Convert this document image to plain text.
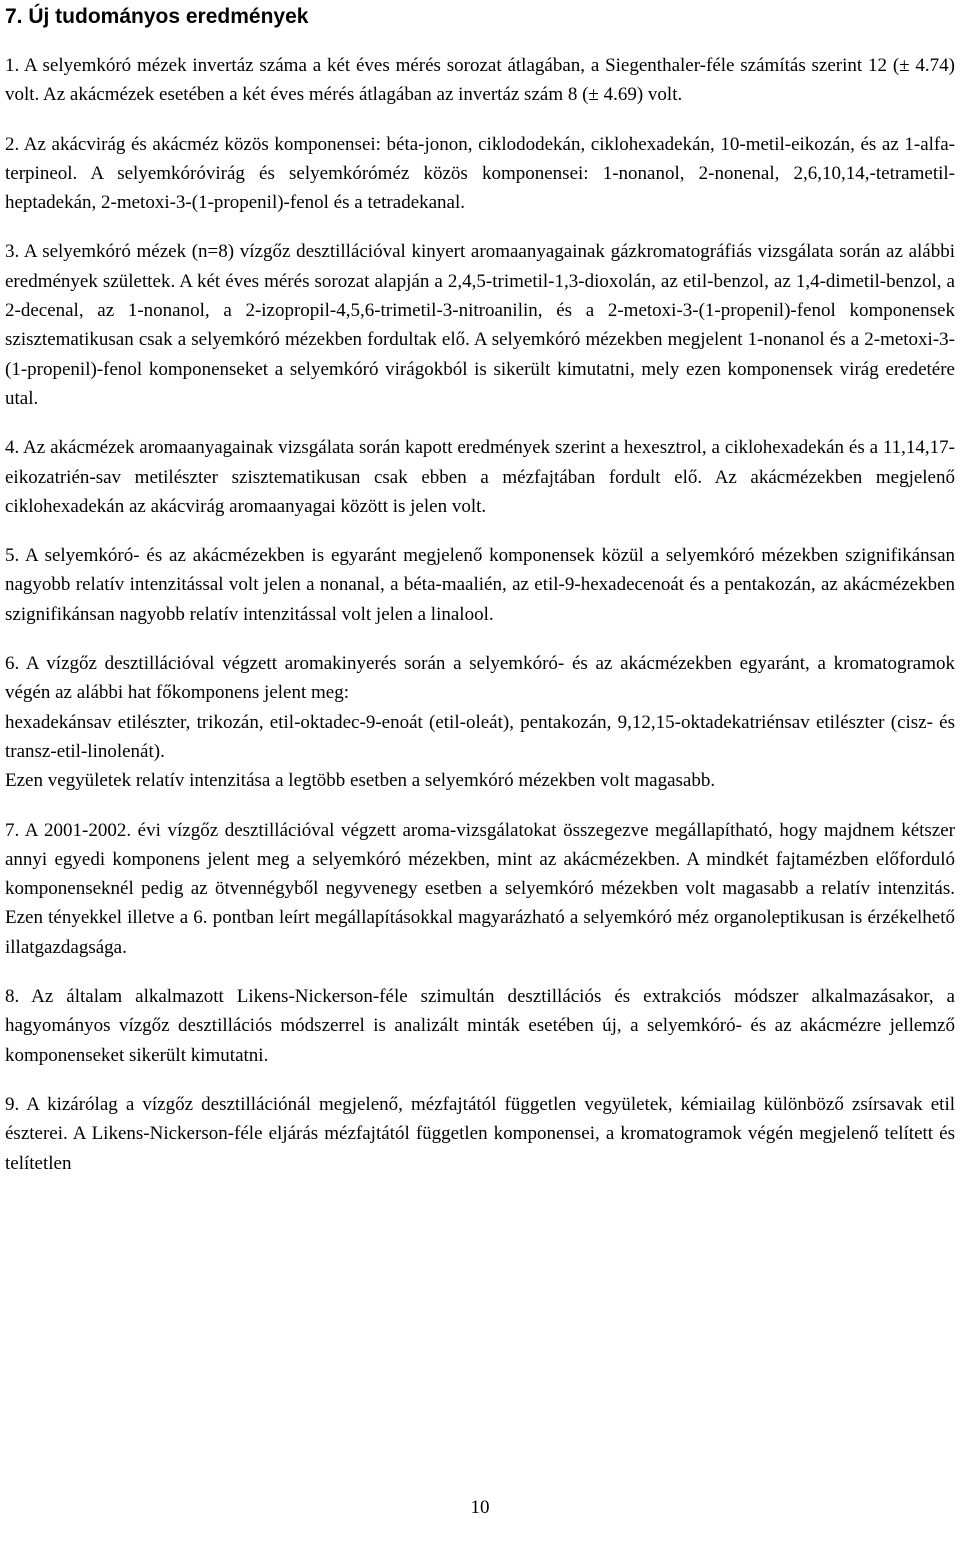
7. Új tudományos eredmények

1. A selyemkóró mézek invertáz száma a két éves mérés sorozat átlagában, a Siegenthaler-féle számítás szerint 12 (± 4.74) volt. Az akácmézek esetében a két éves mérés átlagában az invertáz szám 8 (± 4.69) volt.

2. Az akácvirág és akácméz közös komponensei: béta-jonon, ciklododekán, ciklohexadekán, 10-metil-eikozán, és az 1-alfa-terpineol. A selyemkóróvirág és selyemkóróméz közös komponensei: 1-nonanol, 2-nonenal, 2,6,10,14,-tetrametil-heptadekán, 2-metoxi-3-(1-propenil)-fenol és a tetradekanal.

3. A selyemkóró mézek (n=8) vízgőz desztillációval kinyert aromaanyagainak gázkromatográfiás vizsgálata során az alábbi eredmények születtek. A két éves mérés sorozat alapján a 2,4,5-trimetil-1,3-dioxolán, az etil-benzol, az 1,4-dimetil-benzol, a 2-decenal, az 1-nonanol, a 2-izopropil-4,5,6-trimetil-3-nitroanilin, és a 2-metoxi-3-(1-propenil)-fenol komponensek szisztematikusan csak a selyemkóró mézekben fordultak elő. A selyemkóró mézekben megjelent 1-nonanol és a 2-metoxi-3-(1-propenil)-fenol komponenseket a selyemkóró virágokból is sikerült kimutatni, mely ezen komponensek virág eredetére utal.

4. Az akácmézek aromaanyagainak vizsgálata során kapott eredmények szerint a hexesztrol, a ciklohexadekán és a 11,14,17-eikozatrién-sav metilészter szisztematikusan csak ebben a mézfajtában fordult elő. Az akácmézekben megjelenő ciklohexadekán az akácvirág aromaanyagai között is jelen volt.

5. A selyemkóró- és az akácmézekben is egyaránt megjelenő komponensek közül a selyemkóró mézekben szignifikánsan nagyobb relatív intenzitással volt jelen a nonanal, a béta-maalién, az etil-9-hexadecenoát és a pentakozán, az akácmézekben szignifikánsan nagyobb relatív intenzitással volt jelen a linalool.

6. A vízgőz desztillációval végzett aromakinyerés során a selyemkóró- és az akácmézekben egyaránt, a kromatogramok végén az alábbi hat főkomponens jelent meg:

hexadekánsav etilészter, trikozán, etil-oktadec-9-enoát (etil-oleát), pentakozán, 9,12,15-oktadekatriénsav etilészter (cisz- és transz-etil-linolenát).

Ezen vegyületek relatív intenzitása a legtöbb esetben a selyemkóró mézekben volt magasabb.

7. A 2001-2002. évi vízgőz desztillációval végzett aroma-vizsgálatokat összegezve megállapítható, hogy majdnem kétszer annyi egyedi komponens jelent meg a selyemkóró mézekben, mint az akácmézekben. A mindkét fajtamézben előforduló komponenseknél pedig az ötvennégyből negyvenegy esetben a selyemkóró mézekben volt magasabb a relatív intenzitás. Ezen tényekkel illetve a 6. pontban leírt megállapításokkal magyarázható a selyemkóró méz organoleptikusan is érzékelhető illatgazdagsága.

8. Az általam alkalmazott Likens-Nickerson-féle szimultán desztillációs és extrakciós módszer alkalmazásakor, a hagyományos vízgőz desztillációs módszerrel is analizált minták esetében új, a selyemkóró- és az akácmézre jellemző komponenseket sikerült kimutatni.

9. A kizárólag a vízgőz desztillációnál megjelenő, mézfajtától független vegyületek, kémiailag különböző zsírsavak etil észterei. A Likens-Nickerson-féle eljárás mézfajtától független komponensei, a kromatogramok végén megjelenő telített és telítetlen

10
